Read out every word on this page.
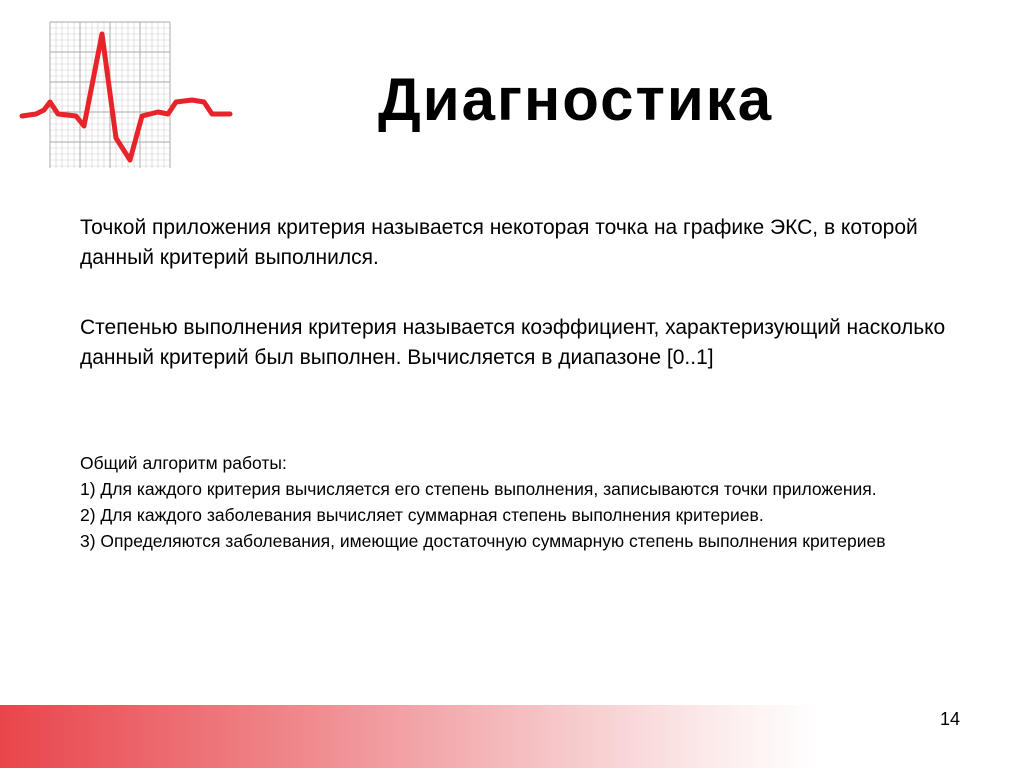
Диагностика

Точкой приложения критерия называется некоторая точка на графике ЭКС, в которой данный критерий выполнился.

Степенью выполнения критерия называется коэффициент, характеризующий насколько данный критерий был выполнен. Вычисляется в диапазоне [0..1]

Общий алгоритм работы:
1) Для каждого критерия вычисляется его степень выполнения, записываются точки приложения.
2) Для каждого заболевания вычисляет суммарная степень выполнения критериев.
3) Определяются заболевания, имеющие достаточную суммарную степень выполнения критериев
14
